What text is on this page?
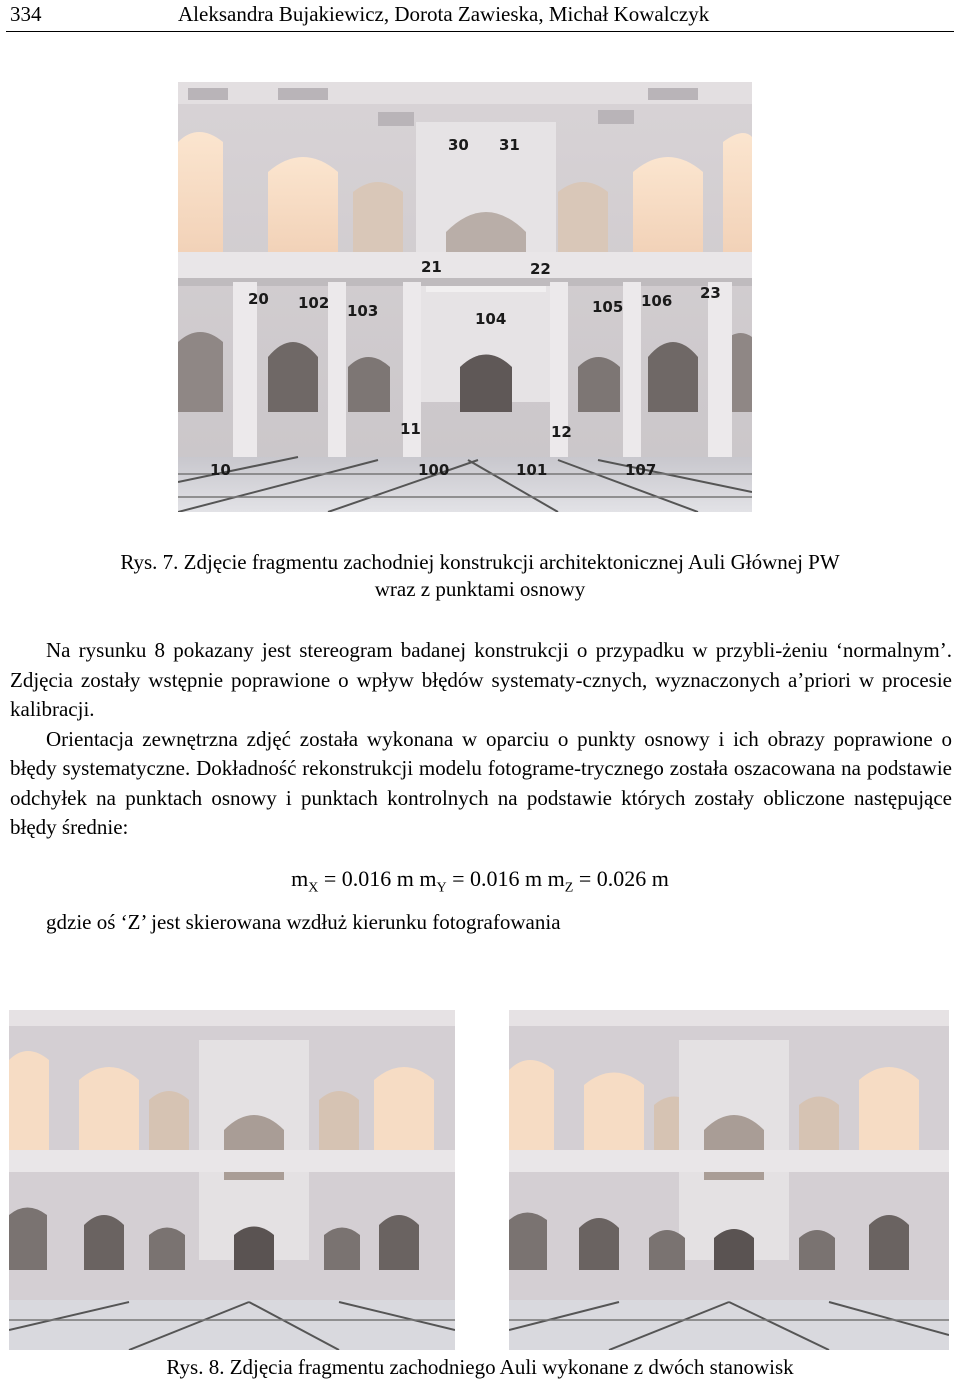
334	Aleksandra Bujakiewicz, Dorota Zawieska, Michał Kowalczyk
30 31
21	22
20 102 103	104
105 106 23
11	12
10	100	101	107
Rys. 7. Zdjęcie fragmentu zachodniej konstrukcji architektonicznej Auli Głównej PW
wraz z punktami osnowy

Na rysunku 8 pokazany jest stereogram badanej konstrukcji o przypadku w przybli-żeniu ‘normalnym’. Zdjęcia zostały wstępnie poprawione o wpływ błędów systematy-cznych, wyznaczonych a’priori w procesie kalibracji.

Orientacja zewnętrzna zdjęć została wykonana w oparciu o punkty osnowy i ich obrazy poprawione o błędy systematyczne. Dokładność rekonstrukcji modelu fotograme-trycznego została oszacowana na podstawie odchyłek na punktach osnowy i punktach kontrolnych na podstawie których zostały obliczone następujące błędy średnie:

$m_X = 0.016$ m $m_Y = 0.016$ m $m_Z = 0.026$ m
gdzie oś ‘Z’ jest skierowana wzdłuż kierunku fotografowania
Rys. 8. Zdjęcia fragmentu zachodniego Auli wykonane z dwóch stanowisk
